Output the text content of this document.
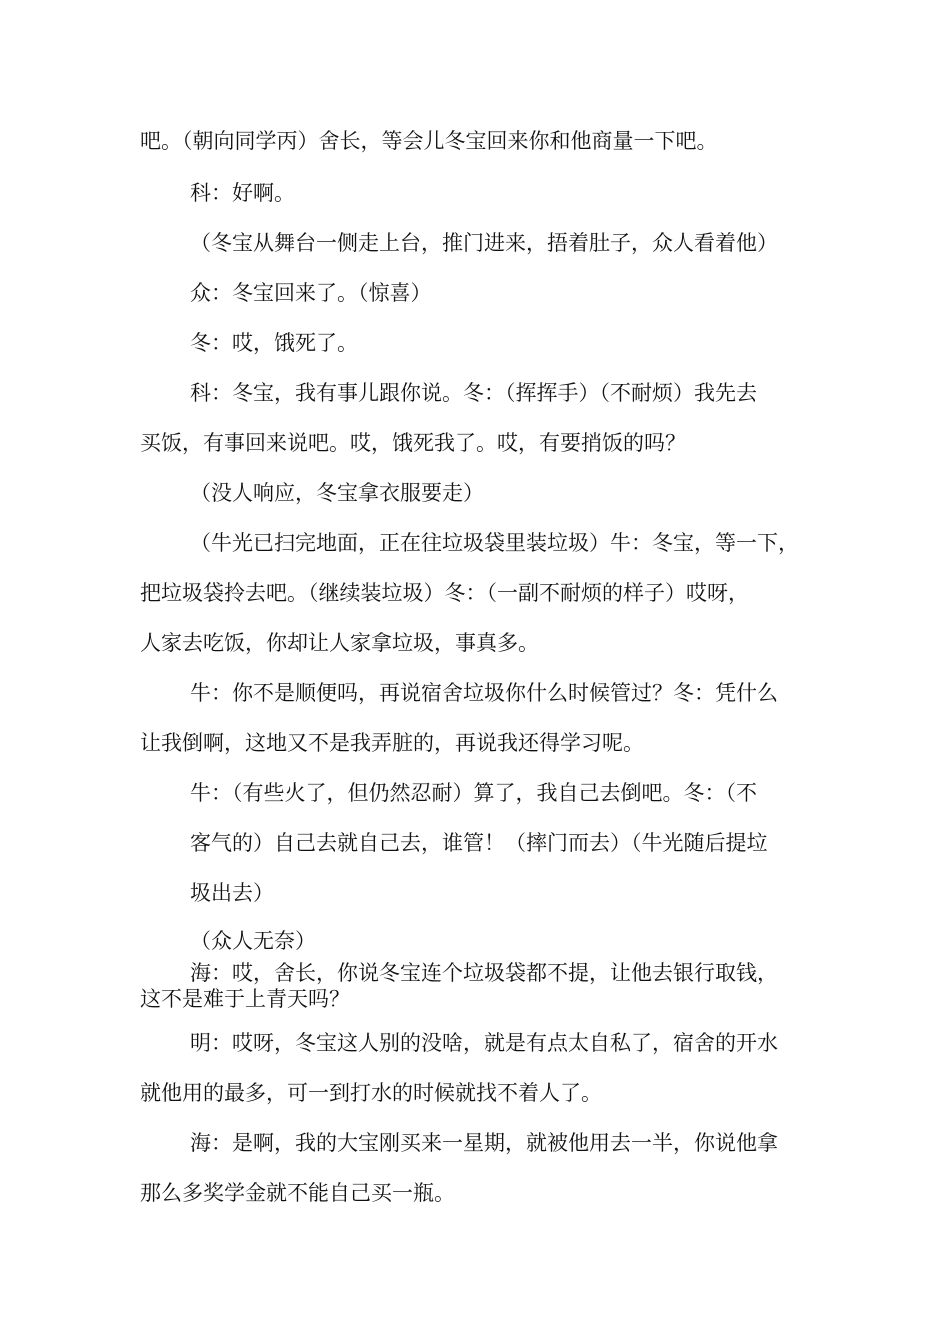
吧。（朝向同学丙）舍长，等会儿冬宝回来你和他商量一下吧。
科：好啊。
（冬宝从舞台一侧走上台，推门进来，捂着肚子，众人看着他）
众：冬宝回来了。（惊喜）
冬：哎，饿死了。
科：冬宝，我有事儿跟你说。冬：（挥挥手）（不耐烦）我先去
买饭，有事回来说吧。哎，饿死我了。哎，有要捎饭的吗？
（没人响应，冬宝拿衣服要走）
（牛光已扫完地面，正在往垃圾袋里装垃圾）牛：冬宝，等一下，
把垃圾袋拎去吧。（继续装垃圾）冬：（一副不耐烦的样子）哎呀，
人家去吃饭，你却让人家拿垃圾，事真多。
牛：你不是顺便吗，再说宿舍垃圾你什么时候管过？冬：凭什么
让我倒啊，这地又不是我弄脏的，再说我还得学习呢。
牛：（有些火了，但仍然忍耐）算了，我自己去倒吧。冬：（不
客气的）自己去就自己去，谁管！（摔门而去）（牛光随后提垃
圾出去）
（众人无奈）
海：哎，舍长，你说冬宝连个垃圾袋都不提，让他去银行取钱，
这不是难于上青天吗？
明：哎呀，冬宝这人别的没啥，就是有点太自私了，宿舍的开水
就他用的最多，可一到打水的时候就找不着人了。
海：是啊，我的大宝刚买来一星期，就被他用去一半，你说他拿
那么多奖学金就不能自己买一瓶。
